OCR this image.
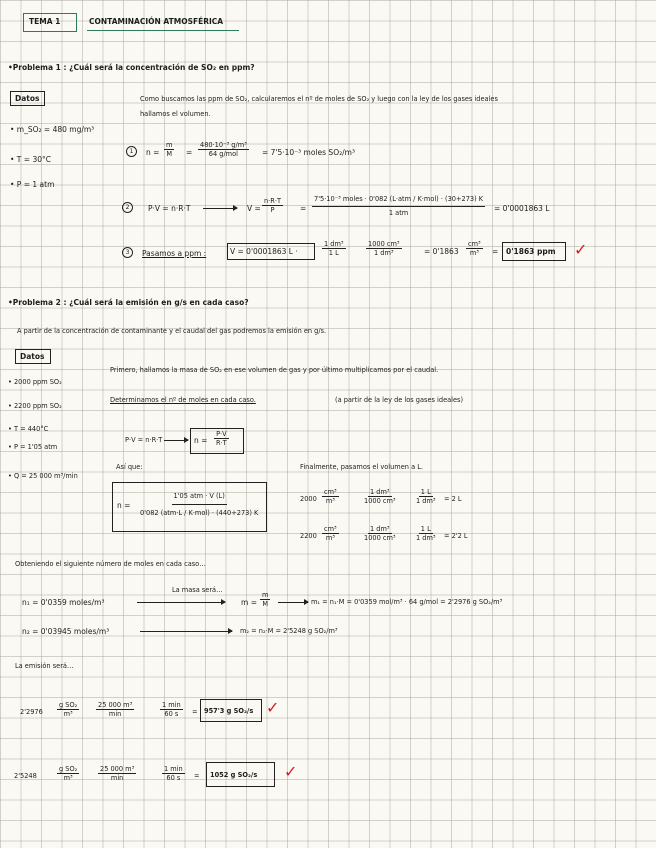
TEMA 1	CONTAMINACIÓN ATMOSFÉRICA
•Problema 1 : ¿Cuál será la concentración de SO₂ en ppm?
Datos
• m_SO₂ = 480 mg/m³
• T = 30°C
• P = 1 atm
Como buscamos las ppm de SO₂, calcularemos el nº de moles de SO₂ y luego con la ley de los gases ideales
hallamos el volumen.
1	$n = \frac{m}{M}$ =
480·10⁻³ g/m³
64 g/mol	= 7'5·10⁻³ moles SO₂/m³
2	P·V = n·R·T	$V = \frac{n\cdot R\cdot T}{P}$ =
7'5·10⁻³ moles · 0'082 (L·atm / K·mol) · (30+273) K
1 atm	= 0'0001863 L
3	Pasamos a ppm :	V = 0'0001863 L ·	$\frac{\text{1 dm³}}{1 L}$	$\frac{\text{1000 cm³}}{\text{1 dm³}}$	= $0'1863 \frac{\text{cm³}}{\text{m³}} = 0'1863$ ppm ✓
•Problema 2 : ¿Cuál será la emisión en g/s en cada caso?
A partir de la concentración de contaminante y el caudal del gas podremos la emisión en g/s.
Datos
• 2000 ppm SO₂
• 2200 ppm SO₂
• T = 440°C
• P = 1'05 atm
• Q = 25 000 m³/min
Primero, hallamos la masa de SO₂ en ese volumen de gas y por último multiplicamos por el caudal.
Determinamos el nº de moles en cada caso.	(a partir de la ley de los gases ideales)
P·V = n·R·T	$n = \frac{P\cdot V}{R\cdot T}$
Así que:
n =
1'05 atm · V (L)
0'082 (atm·L / K·mol) · (440+273) K
Finalmente, pasamos el volumen a L.
$2000 \frac{\text{cm³}}{\text{m³}}$	$\frac{\text{1 dm³}}{\text{1000 cm³}} \frac{1 L}{\text{1 dm³}} = 2$ L
$2200 \frac{\text{cm³}}{\text{m³}}$	$\frac{\text{1 dm³}}{\text{1000 cm³}} \frac{1 L}{\text{1 dm³}} = 2'2$ L
Obteniendo el siguiente número de moles en cada caso…
n₁ = 0'0359 moles/m³
La masa será…
$m = \frac{m}{M}$	m₁ = n₁·M = 0'0359 mol/m³ · 64 g/mol = 2'2976 g SO₂/m³
n₂ = 0'03945 moles/m³	m₂ = n₂·M = 2'5248 g SO₂/m³
La emisión será…
$2'2976 \frac{\text{g SO₂}}{\text{m³}}$	25 000 m³
min
1 min
60 s	= 957'3 g SO₂/s ✓
2'5248	$\frac{\text{g SO₂}}{\text{m³}}$	25 000 m³
min
1 min
60 s	= 1052 g SO₂/s ✓
